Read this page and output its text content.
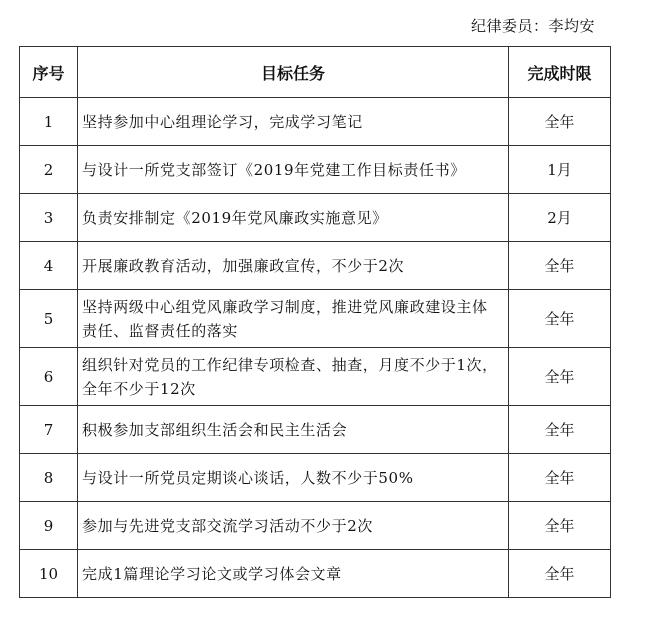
纪律委员：李均安
序号	目标任务	完成时限
1	坚持参加中心组理论学习，完成学习笔记	全年
2	与设计一所党支部签订《2019年党建工作目标责任书》	1月
3	负责安排制定《2019年党风廉政实施意见》	2月
4	开展廉政教育活动，加强廉政宣传，不少于2次	全年
5	坚持两级中心组党风廉政学习制度，推进党风廉政建设主体责任、监督责任的落实	全年
6	组织针对党员的工作纪律专项检查、抽查，月度不少于1次，全年不少于12次	全年
7	积极参加支部组织生活会和民主生活会	全年
8	与设计一所党员定期谈心谈话，人数不少于50%	全年
9	参加与先进党支部交流学习活动不少于2次	全年
10	完成1篇理论学习论文或学习体会文章	全年
